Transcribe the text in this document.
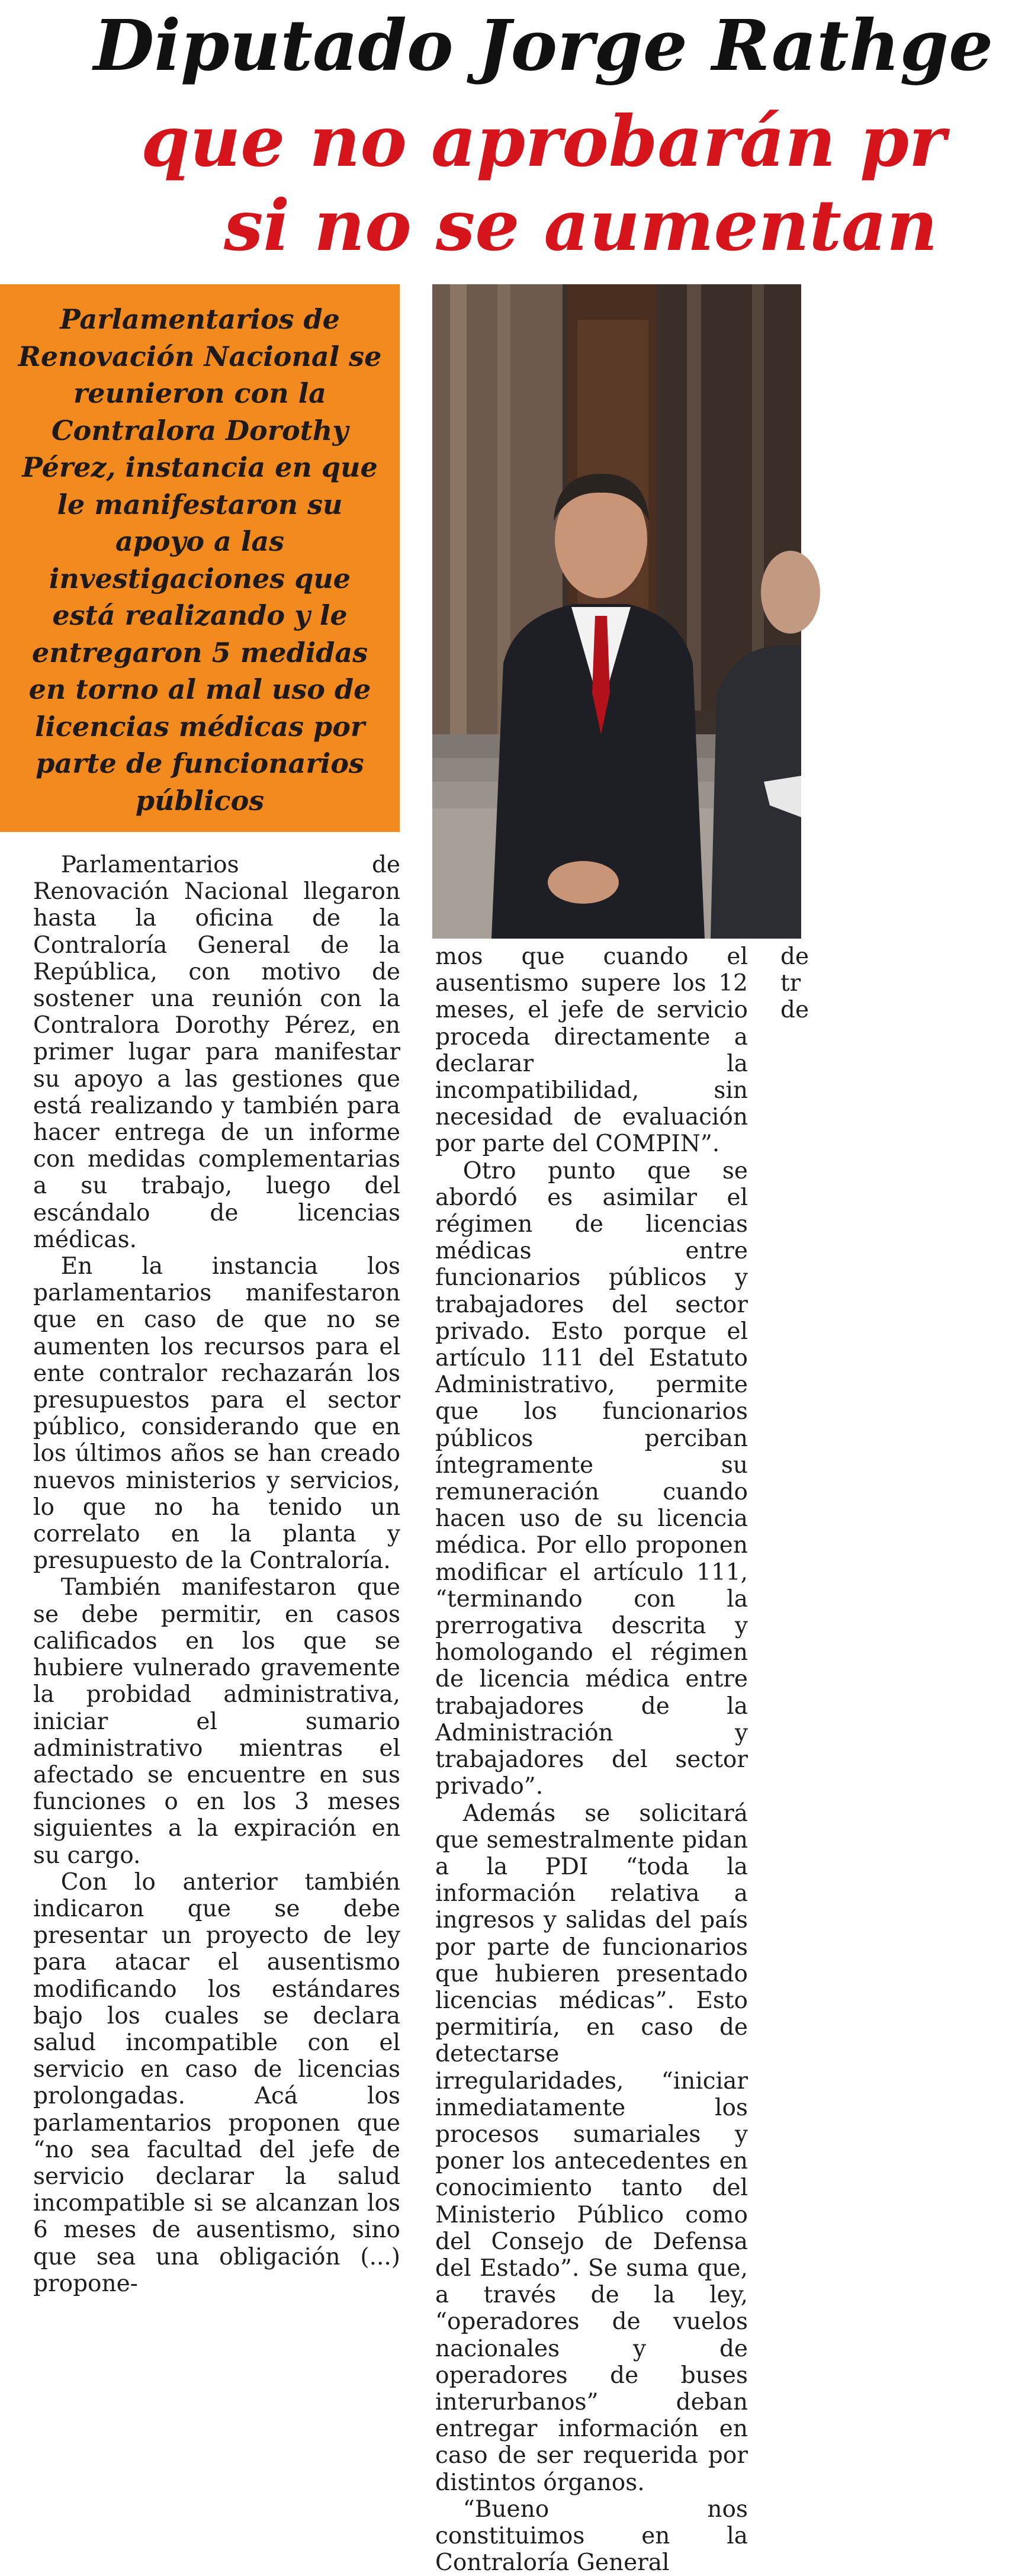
Diputado Jorge Rathge
que no aprobarán pr
si no se aumentan

Parlamentarios de Renovación Nacional se reunieron con la Contralora Dorothy Pérez, instancia en que le manifestaron su apoyo a las investigaciones que está realizando y le entregaron 5 medidas en torno al mal uso de licencias médicas por parte de funcionarios públicos

Parlamentarios de Renovación Nacional llegaron hasta la oficina de la Contraloría General de la República, con motivo de sostener una reunión con la Contralora Dorothy Pérez, en primer lugar para manifestar su apoyo a las gestiones que está realizando y también para hacer entrega de un informe con medidas complementarias a su trabajo, luego del escándalo de licencias médicas.

En la instancia los parlamentarios manifestaron que en caso de que no se aumenten los recursos para el ente contralor rechazarán los presupuestos para el sector público, considerando que en los últimos años se han creado nuevos ministerios y servicios, lo que no ha tenido un correlato en la planta y presupuesto de la Contraloría.

También manifestaron que se debe permitir, en casos calificados en los que se hubiere vulnerado gravemente la probidad administrativa, iniciar el sumario administrativo mientras el afectado se encuentre en sus funciones o en los 3 meses siguientes a la expiración en su cargo.

Con lo anterior también indicaron que se debe presentar un proyecto de ley para atacar el ausentismo modificando los estándares bajo los cuales se declara salud incompatible con el servicio en caso de licencias prolongadas. Acá los parlamentarios proponen que “no sea facultad del jefe de servicio declarar la salud incompatible si se alcanzan los 6 meses de ausentismo, sino que sea una obligación (...) propone-

mos que cuando el ausentismo supere los 12 meses, el jefe de servicio proceda directamente a declarar la incompatibilidad, sin necesidad de evaluación por parte del COMPIN”.

Otro punto que se abordó es asimilar el régimen de licencias médicas entre funcionarios públicos y trabajadores del sector privado. Esto porque el artículo 111 del Estatuto Administrativo, permite que los funcionarios públicos perciban íntegramente su remuneración cuando hacen uso de su licencia médica. Por ello proponen modificar el artículo 111, “terminando con la prerrogativa descrita y homologando el régimen de licencia médica entre trabajadores de la Administración y trabajadores del sector privado”.

Además se solicitará que semestralmente pidan a la PDI “toda la información relativa a ingresos y salidas del país por parte de funcionarios que hubieren presentado licencias médicas”. Esto permitiría, en caso de detectarse irregularidades, “iniciar inmediatamente los procesos sumariales y poner los antecedentes en conocimiento tanto del Ministerio Público como del Consejo de Defensa del Estado”. Se suma que, a través de la ley, “operadores de vuelos nacionales y de operadores de buses interurbanos” deban entregar información en caso de ser requerida por distintos órganos.

“Bueno nos constituimos en la Contraloría General

de
tr
de
